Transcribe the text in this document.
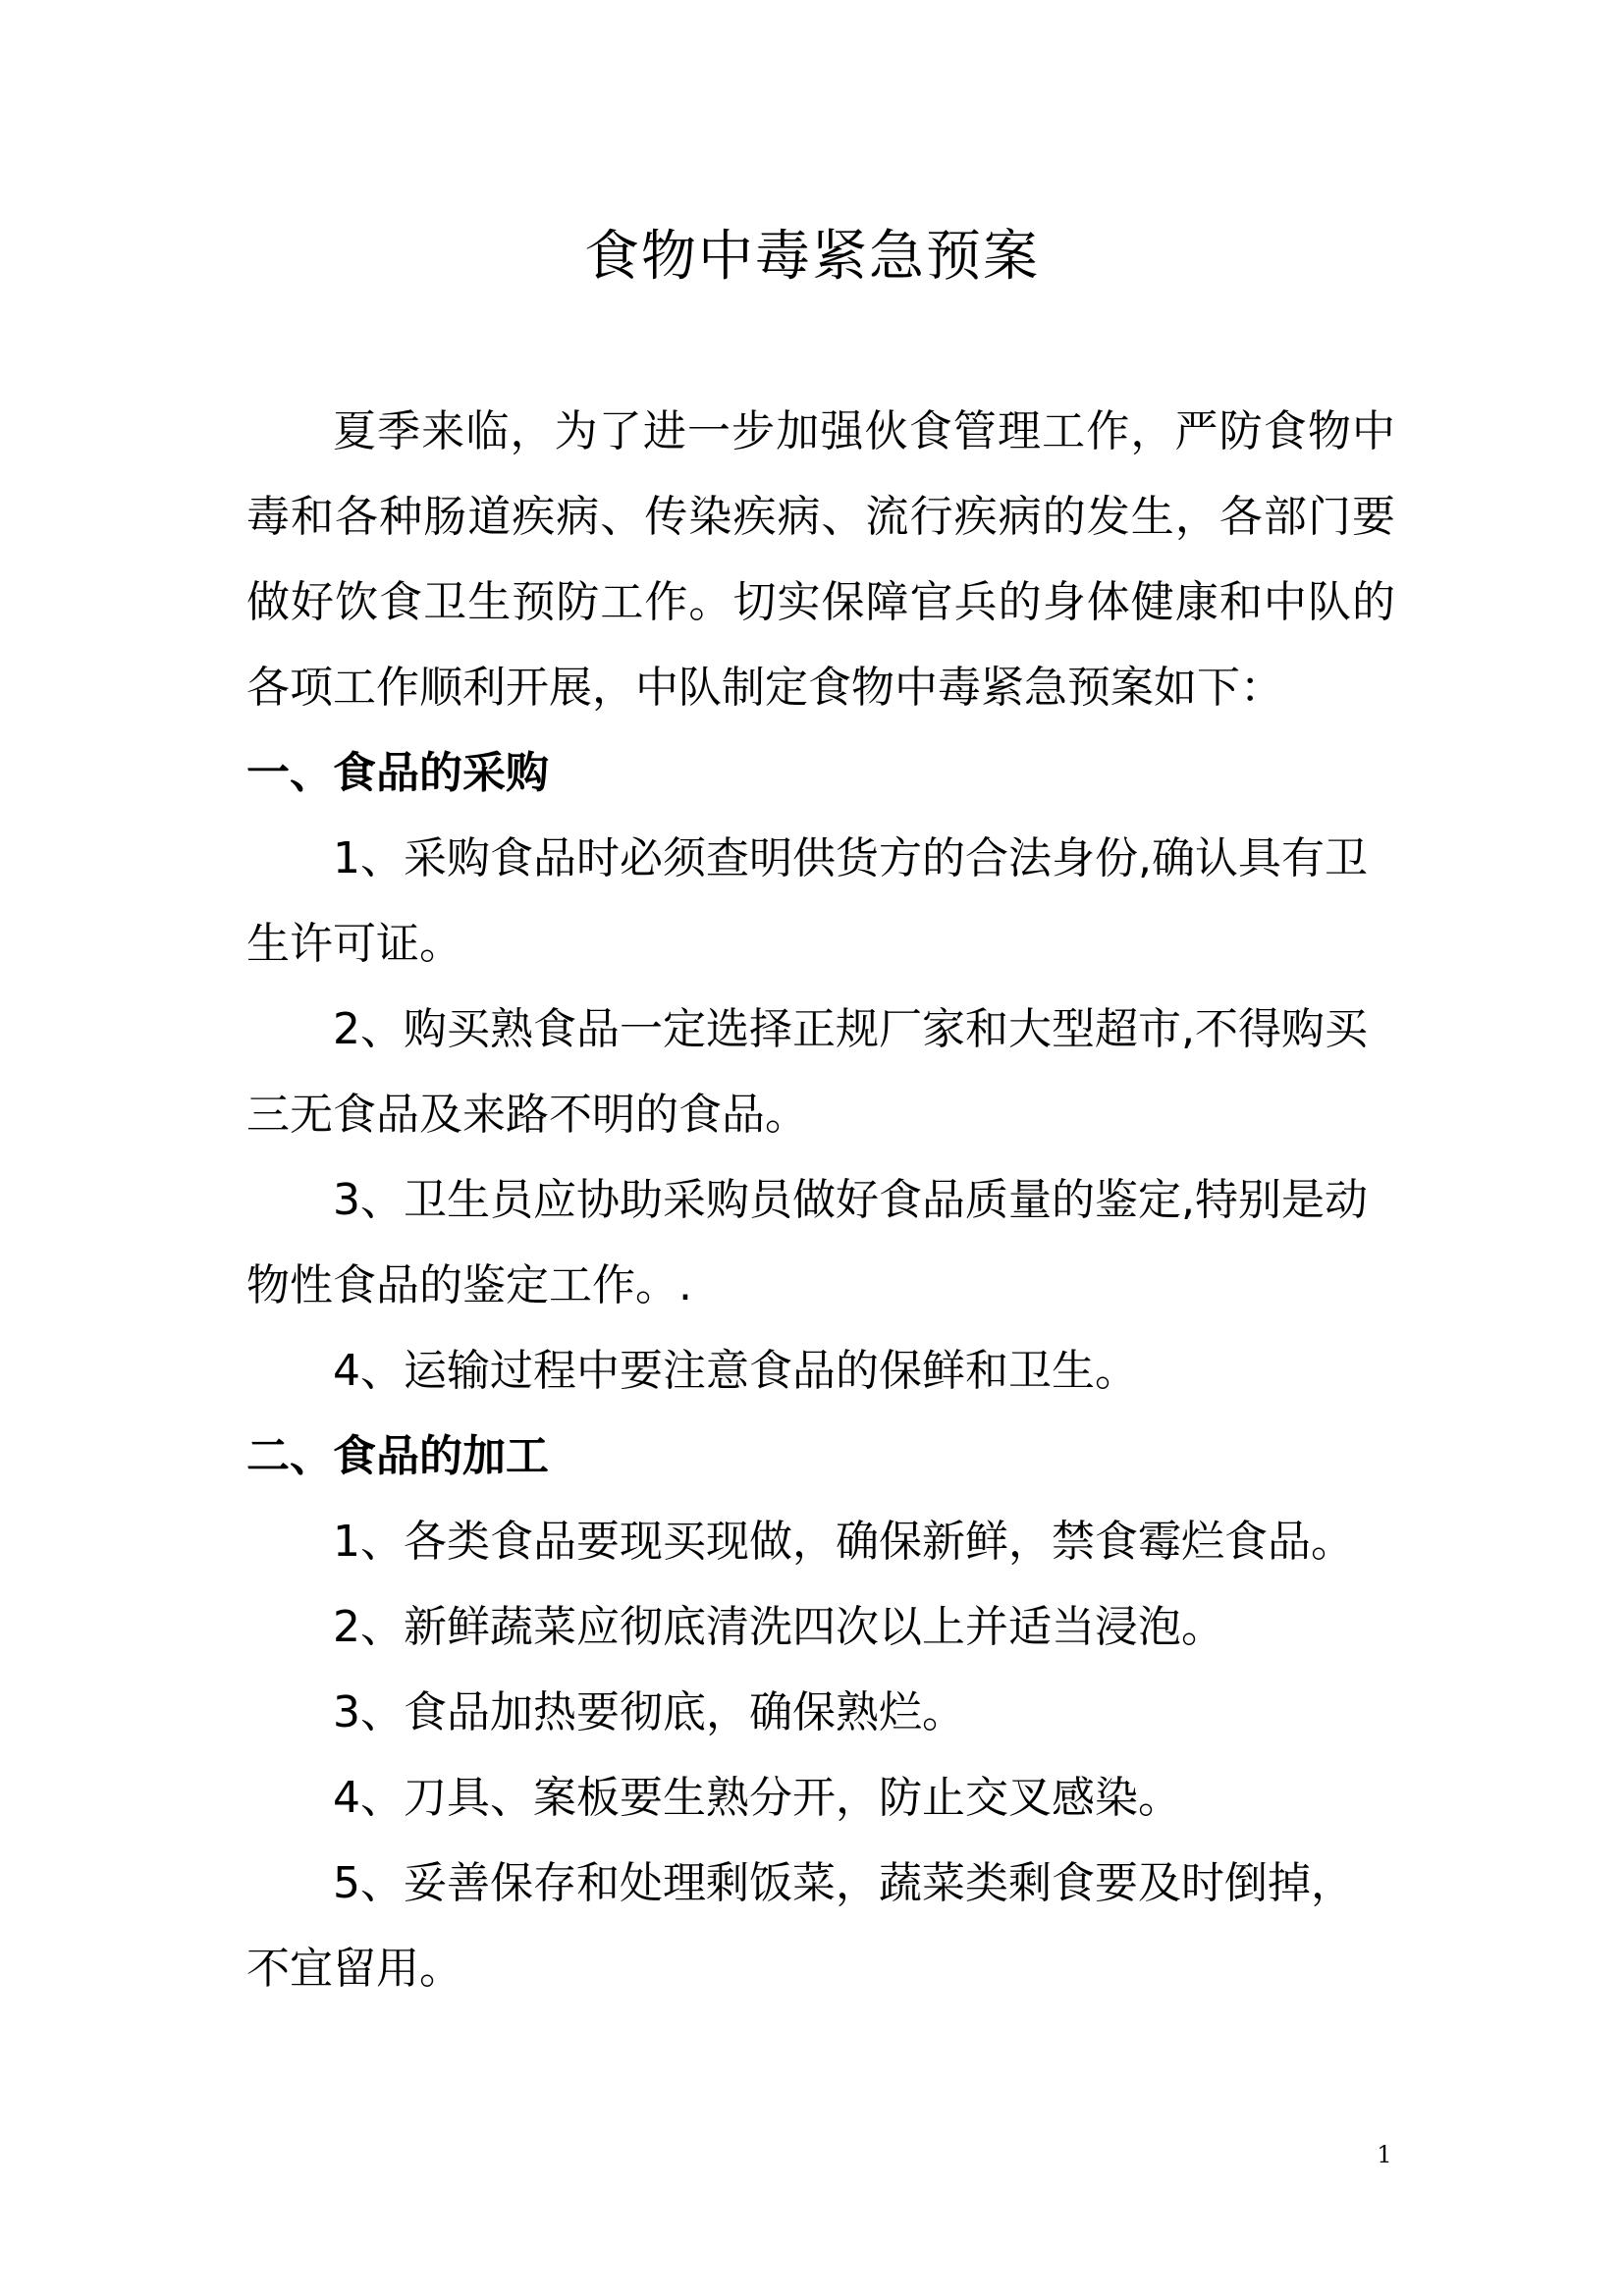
食物中毒紧急预案

夏季来临，为了进一步加强伙食管理工作，严防食物中毒和各种肠道疾病、传染疾病、流行疾病的发生，各部门要做好饮食卫生预防工作。切实保障官兵的身体健康和中队的各项工作顺利开展，中队制定食物中毒紧急预案如下：

一、食品的采购

1、采购食品时必须查明供货方的合法身份,确认具有卫生许可证。

2、购买熟食品一定选择正规厂家和大型超市,不得购买三无食品及来路不明的食品。

3、卫生员应协助采购员做好食品质量的鉴定,特别是动物性食品的鉴定工作。.

4、运输过程中要注意食品的保鲜和卫生。

二、食品的加工

1、各类食品要现买现做，确保新鲜，禁食霉烂食品。

2、新鲜蔬菜应彻底清洗四次以上并适当浸泡。

3、食品加热要彻底，确保熟烂。

4、刀具、案板要生熟分开，防止交叉感染。

5、妥善保存和处理剩饭菜，蔬菜类剩食要及时倒掉，不宜留用。

1
